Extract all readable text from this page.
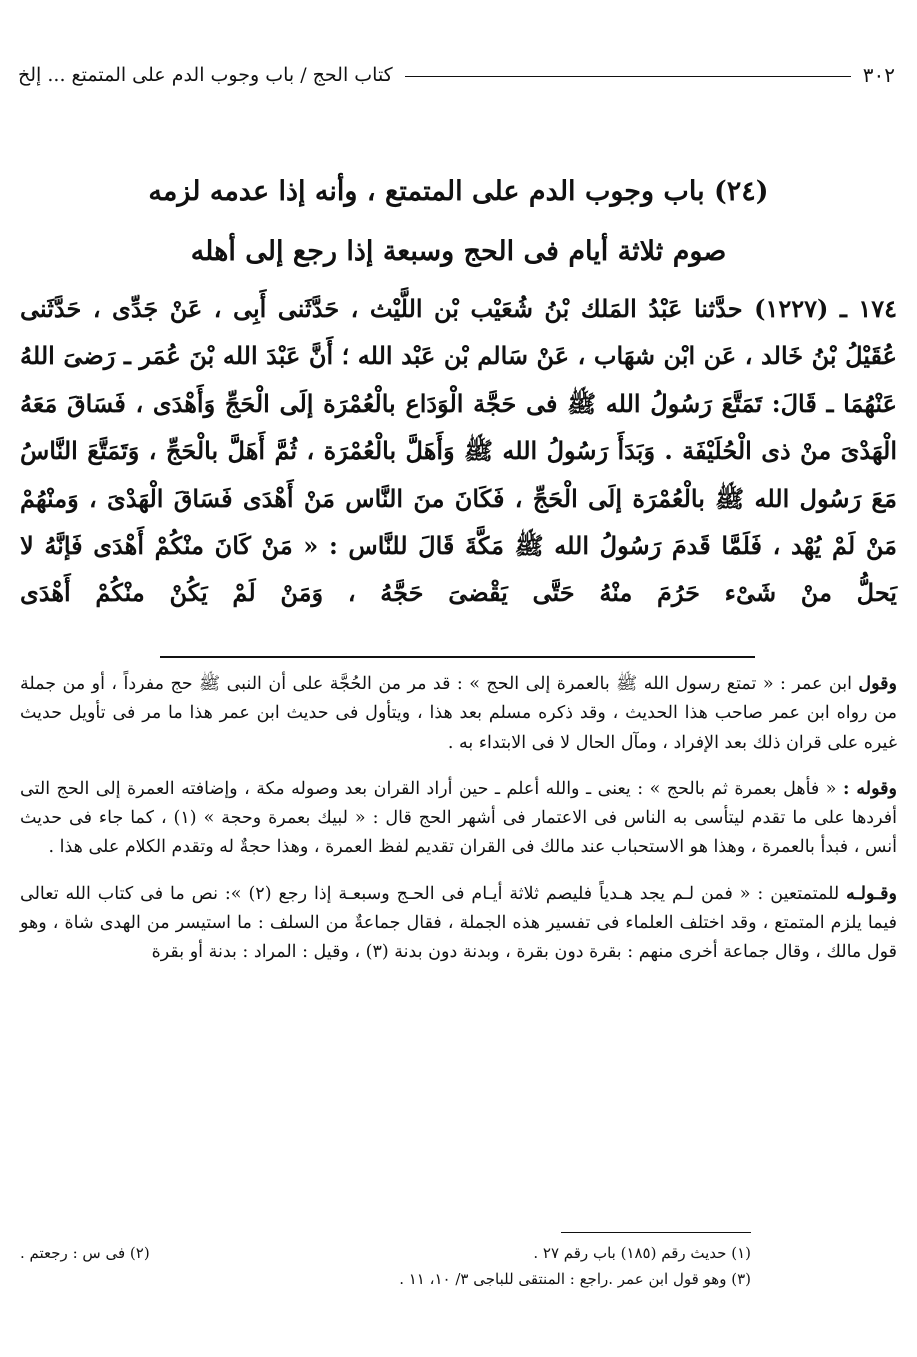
٣٠٢
كتاب الحج / باب وجوب الدم على المتمتع ... إلخ
(٢٤) باب وجوب الدم على المتمتع ، وأنه إذا عدمه لزمه
صوم ثلاثة أيام فى الحج وسبعة إذا رجع إلى أهله

١٧٤ ـ (١٢٢٧) حدَّثنا عَبْدُ المَلك بْنُ شُعَيْب بْن اللَّيْث ، حَدَّثَنى أَبِى ، عَنْ جَدِّى ، حَدَّثَنى عُقَيْلُ بْنُ خَالد ، عَن ابْن شهَاب ، عَنْ سَالم بْن عَبْد الله ؛ أَنَّ عَبْدَ الله بْنَ عُمَر ـ رَضىَ اللهُ عَنْهُمَا ـ قَالَ: تَمَتَّعَ رَسُولُ الله ﷺ فى حَجَّة الْوَدَاع بالْعُمْرَة إلَى الْحَجِّ وَأَهْدَى ، فَسَاقَ مَعَهُ الْهَدْىَ منْ ذى الْحُلَيْفَة . وَبَدَأَ رَسُولُ الله ﷺ وَأَهَلَّ بالْعُمْرَة ، ثُمَّ أَهَلَّ بالْحَجِّ ، وَتَمَتَّعَ النَّاسُ مَعَ رَسُول الله ﷺ بالْعُمْرَة إلَى الْحَجِّ ، فَكَانَ منَ النَّاس مَنْ أَهْدَى فَسَاقَ الْهَدْىَ ، وَمنْهُمْ مَنْ لَمْ يُهْد ، فَلَمَّا قَدمَ رَسُولُ الله ﷺ مَكَّةَ قَالَ للنَّاس : « مَنْ كَانَ منْكُمْ أَهْدَى فَإنَّهُ لا يَحلُّ منْ شَىْء حَرُمَ منْهُ حَتَّى يَقْضىَ حَجَّهُ ، وَمَنْ لَمْ يَكُنْ منْكُمْ أَهْدَى

وقول ابن عمر : « تمتع رسول الله ﷺ بالعمرة إلى الحج » : قد مر من الحُجَّة على أن النبى ﷺ حج مفرداً ، أو من جملة من رواه ابن عمر صاحب هذا الحديث ، وقد ذكره مسلم بعد هذا ، ويتأول فى حديث ابن عمر هذا ما مر فى تأويل حديث غيره على قران ذلك بعد الإفراد ، ومآل الحال لا فى الابتداء به .

وقوله : « فأهل بعمرة ثم بالحج » : يعنى ـ والله أعلم ـ حين أراد القران بعد وصوله مكة ، وإضافته العمرة إلى الحج التى أفردها على ما تقدم ليتأسى به الناس فى الاعتمار فى أشهر الحج قال : « لبيك بعمرة وحجة » (١) ، كما جاء فى حديث أنس ، فبدأ بالعمرة ، وهذا هو الاستحباب عند مالك فى القران تقديم لفظ العمرة ، وهذا حجةٌ له وتقدم الكلام على هذا .

وقـولـه للمتمتعين : « فمن لـم يجد هـدياً فليصم ثلاثة أيـام فى الحـج وسبعـة إذا رجع (٢) »: نص ما فى كتاب الله تعالى فيما يلزم المتمتع ، وقد اختلف العلماء فى تفسير هذه الجملة ، فقال جماعةٌ من السلف : ما استيسر من الهدى شاة ، وهو قول مالك ، وقال جماعة أخرى منهم : بقرة دون بقرة ، وبدنة دون بدنة (٣) ، وقيل : المراد : بدنة أو بقرة

(١) حديث رقم (١٨٥) باب رقم ٢٧ .
(٢) فى س : رجعتم .
(٣) وهو قول ابن عمر .راجع : المنتقى للباجى ٣/ ١٠، ١١ .
